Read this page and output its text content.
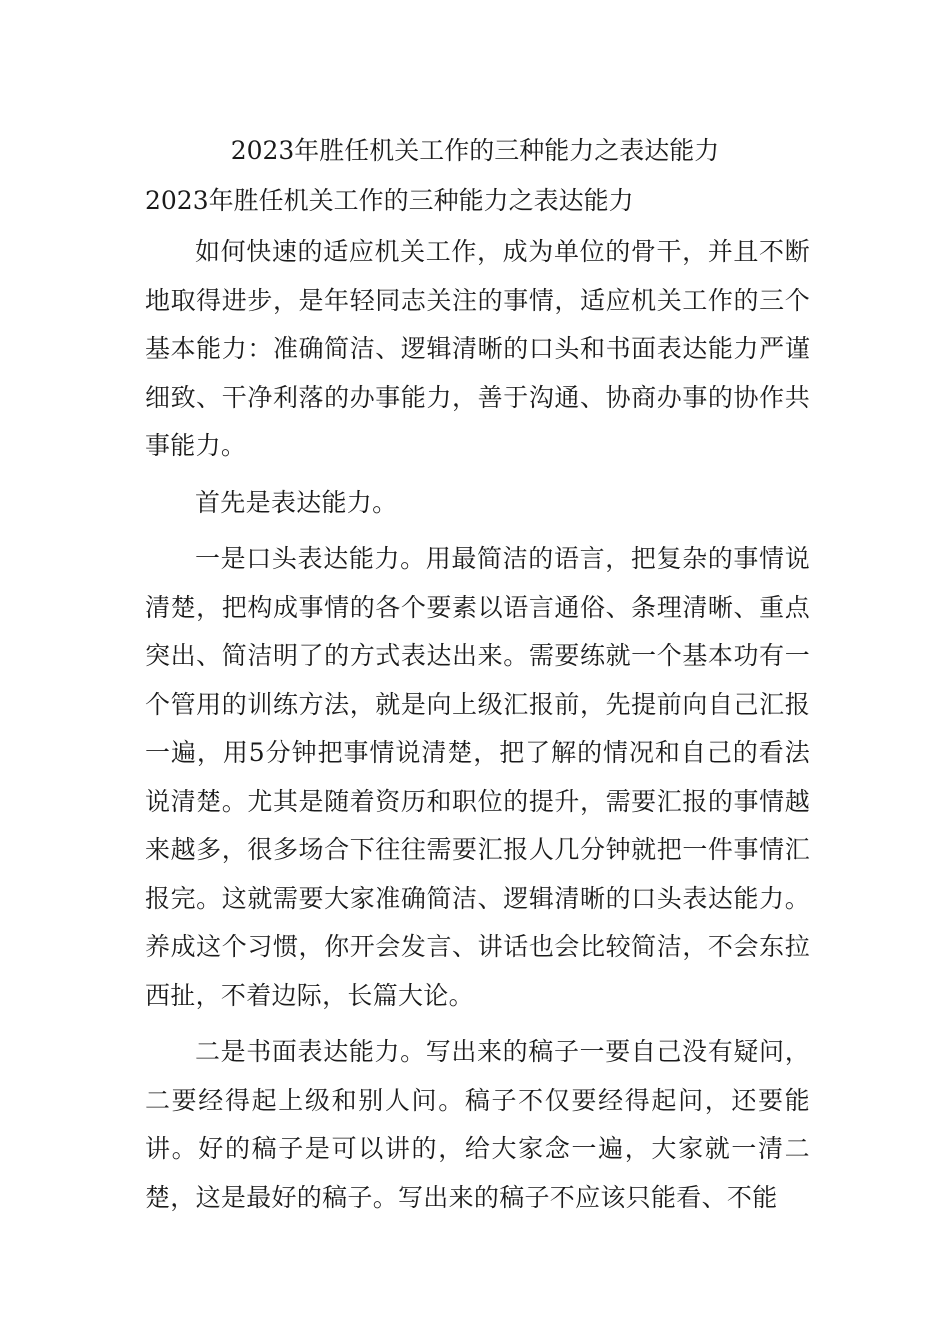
2023年胜任机关工作的三种能力之表达能力
2023年胜任机关工作的三种能力之表达能力

如何快速的适应机关工作，成为单位的骨干，并且不断地取得进步，是年轻同志关注的事情，适应机关工作的三个基本能力：准确简洁、逻辑清晰的口头和书面表达能力严谨细致、干净利落的办事能力，善于沟通、协商办事的协作共事能力。

首先是表达能力。

一是口头表达能力。用最简洁的语言，把复杂的事情说清楚，把构成事情的各个要素以语言通俗、条理清晰、重点突出、简洁明了的方式表达出来。需要练就一个基本功有一个管用的训练方法，就是向上级汇报前，先提前向自己汇报一遍，用5分钟把事情说清楚，把了解的情况和自己的看法说清楚。尤其是随着资历和职位的提升，需要汇报的事情越来越多，很多场合下往往需要汇报人几分钟就把一件事情汇报完。这就需要大家准确简洁、逻辑清晰的口头表达能力。养成这个习惯，你开会发言、讲话也会比较简洁，不会东拉西扯，不着边际，长篇大论。

二是书面表达能力。写出来的稿子一要自己没有疑问，二要经得起上级和别人问。稿子不仅要经得起问，还要能讲。好的稿子是可以讲的，给大家念一遍，大家就一清二楚，这是最好的稿子。写出来的稿子不应该只能看、不能
